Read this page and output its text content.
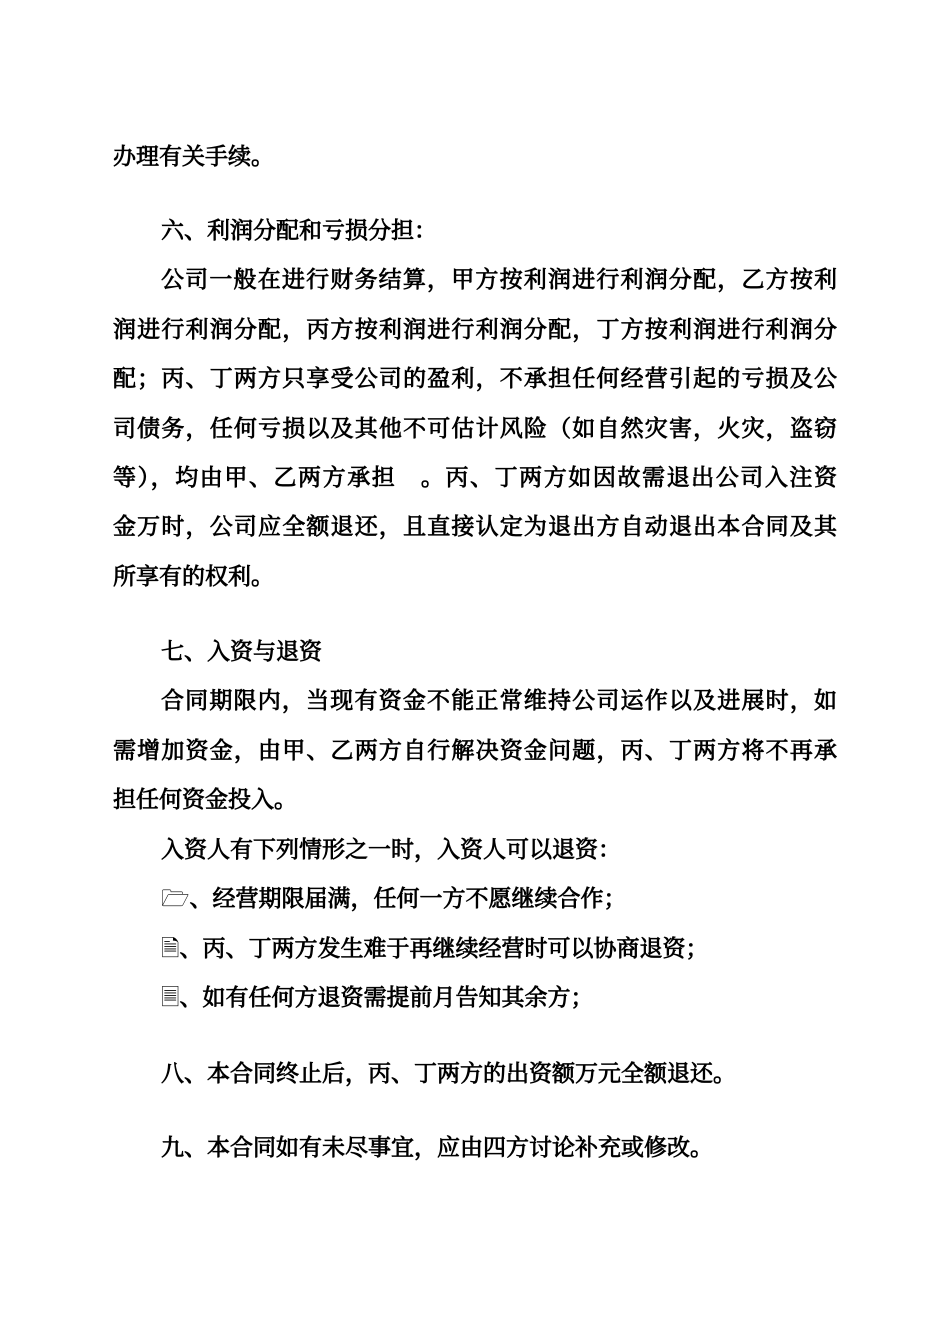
办理有关手续。
六、利润分配和亏损分担：
公司一般在进行财务结算，甲方按利润进行利润分配，乙方按利
润进行利润分配，丙方按利润进行利润分配，丁方按利润进行利润分
配；丙、丁两方只享受公司的盈利，不承担任何经营引起的亏损及公
司债务，任何亏损以及其他不可估计风险（如自然灾害，火灾，盗窃
等），均由甲、乙两方承担　。丙、丁两方如因故需退出公司入注资
金万时，公司应全额退还，且直接认定为退出方自动退出本合同及其
所享有的权利。
七、入资与退资
合同期限内，当现有资金不能正常维持公司运作以及进展时，如
需增加资金，由甲、乙两方自行解决资金问题，丙、丁两方将不再承
担任何资金投入。
入资人有下列情形之一时，入资人可以退资：
🗁、经营期限届满，任何一方不愿继续合作；
🗎、丙、丁两方发生难于再继续经营时可以协商退资；
🗏、如有任何方退资需提前月告知其余方；
八、本合同终止后，丙、丁两方的出资额万元全额退还。
九、本合同如有未尽事宜，应由四方讨论补充或修改。
